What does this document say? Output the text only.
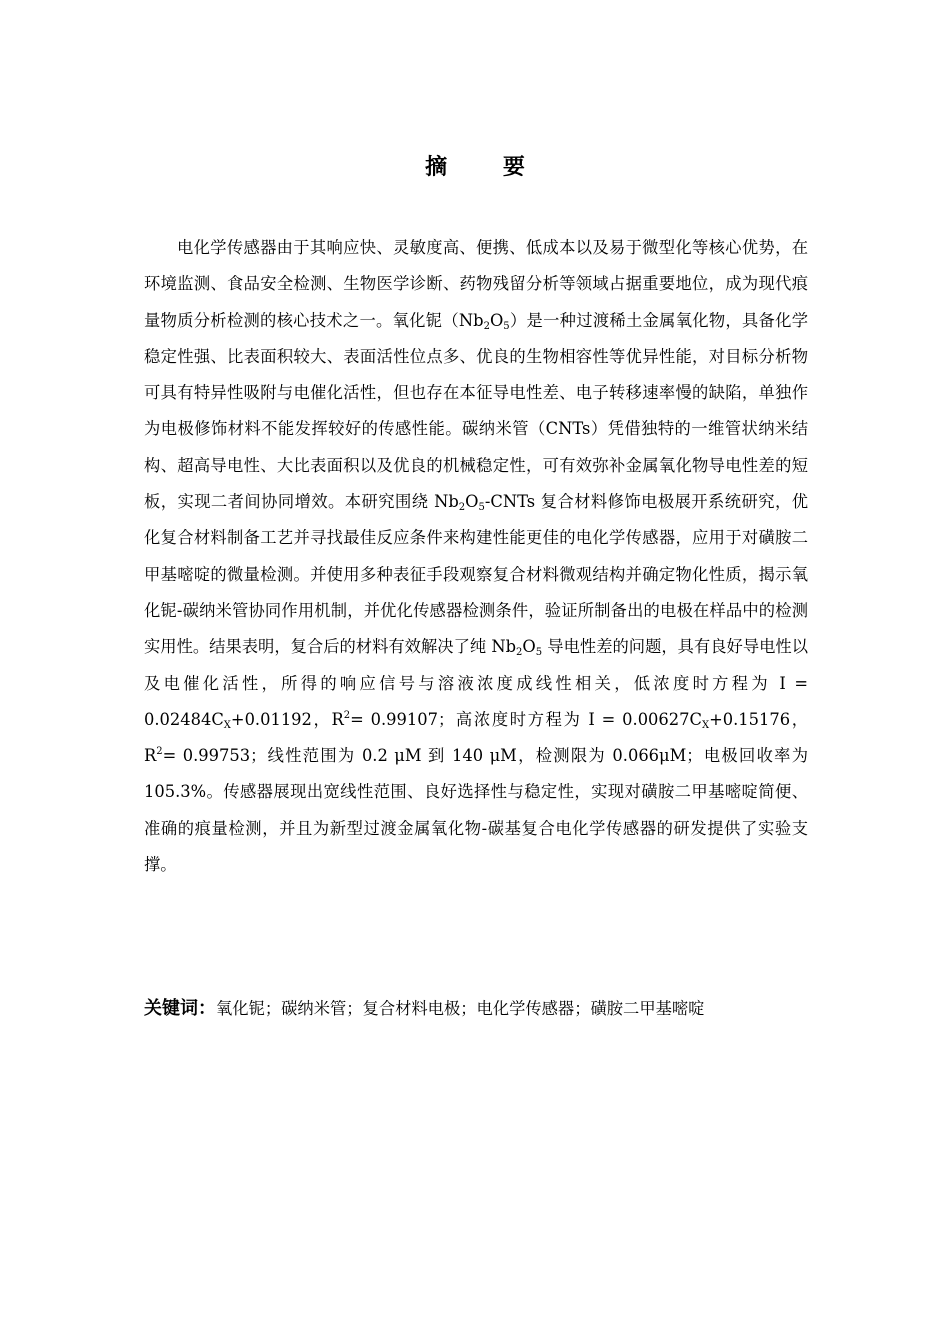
摘 要

电化学传感器由于其响应快、灵敏度高、便携、低成本以及易于微型化等核心优势，在环境监测、食品安全检测、生物医学诊断、药物残留分析等领域占据重要地位，成为现代痕量物质分析检测的核心技术之一。氧化铌$(Nb_2O_5)$是一种过渡稀土金属氧化物，具备化学稳定性强、比表面积较大、表面活性位点多、优良的生物相容性等优异性能，对目标分析物可具有特异性吸附与电催化活性，但也存在本征导电性差、电子转移速率慢的缺陷，单独作为电极修饰材料不能发挥较好的传感性能。碳纳米管（CNTs）凭借独特的一维管状纳米结构、超高导电性、大比表面积以及优良的机械稳定性，可有效弥补金属氧化物导电性差的短板，实现二者间协同增效。本研究围绕 $Nb_2O_5$-CNTs 复合材料修饰电极展开系统研究，优化复合材料制备工艺并寻找最佳反应条件来构建性能更佳的电化学传感器，应用于对磺胺二甲基嘧啶的微量检测。并使用多种表征手段观察复合材料微观结构并确定物化性质，揭示氧化铌-碳纳米管协同作用机制，并优化传感器检测条件，验证所制备出的电极在样品中的检测实用性。结果表明，复合后的材料有效解决了纯 $Nb_2O_5$ 导电性差的问题，具有良好导电性以及电催化活性，所得的响应信号与溶液浓度成线性相关，低浓度时方程为 $I = 0.02484C_X+0.01192$，$R^2= 0.99107$；高浓度时方程为 $I = 0.00627C_X+0.15176$，$R^2= 0.99753$；线性范围为 0.2 μM 到 140 μM，检测限为 0.066μM；电极回收率为 105.3%。传感器展现出宽线性范围、良好选择性与稳定性，实现对磺胺二甲基嘧啶简便、准确的痕量检测，并且为新型过渡金属氧化物-碳基复合电化学传感器的研发提供了实验支撑。

关键词：氧化铌；碳纳米管；复合材料电极；电化学传感器；磺胺二甲基嘧啶
